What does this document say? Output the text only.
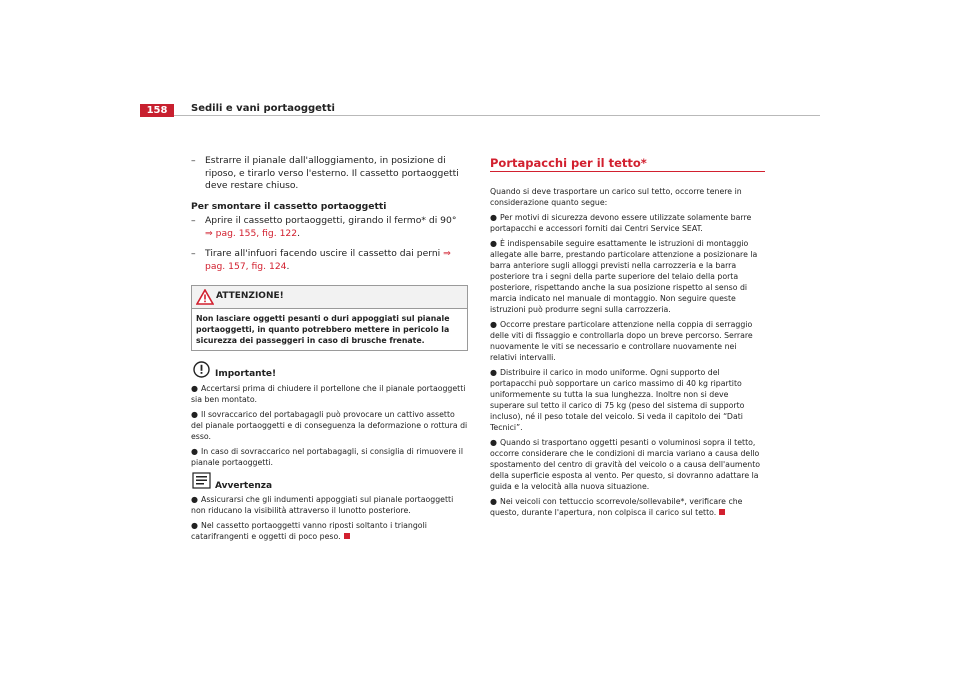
158	Sedili e vani portaoggetti
– Estrarre il pianale dall'alloggiamento, in posizione di riposo, e tirarlo verso l'esterno. Il cassetto portaoggetti deve restare chiuso.
Per smontare il cassetto portaoggetti
– Aprire il cassetto portaoggetti, girando il fermo* di 90°
⇒ pag. 155, fig. 122.
– Tirare all'infuori facendo uscire il cassetto dai perni ⇒ pag. 157, fig. 124.
ATTENZIONE!
Non lasciare oggetti pesanti o duri appoggiati sul pianale portaoggetti, in quanto potrebbero mettere in pericolo la sicurezza dei passeggeri in caso di brusche frenate.
Importante!
● Accertarsi prima di chiudere il portellone che il pianale portaoggetti sia ben montato.
● Il sovraccarico del portabagagli può provocare un cattivo assetto del pianale portaoggetti e di conseguenza la deformazione o rottura di esso.
● In caso di sovraccarico nel portabagagli, si consiglia di rimuovere il pianale portaoggetti.
Avvertenza
● Assicurarsi che gli indumenti appoggiati sul pianale portaoggetti non riducano la visibilità attraverso il lunotto posteriore.
● Nel cassetto portaoggetti vanno riposti soltanto i triangoli catarifrangenti e oggetti di poco peso.
Portapacchi per il tetto*
Quando si deve trasportare un carico sul tetto, occorre tenere in considerazione quanto segue:
● Per motivi di sicurezza devono essere utilizzate solamente barre portapacchi e accessori forniti dai Centri Service SEAT.
● È indispensabile seguire esattamente le istruzioni di montaggio allegate alle barre, prestando particolare attenzione a posizionare la barra anteriore sugli alloggi previsti nella carrozzeria e la barra posteriore tra i segni della parte superiore del telaio della porta posteriore, rispettando anche la sua posizione rispetto al senso di marcia indicato nel manuale di montaggio. Non seguire queste istruzioni può produrre segni sulla carrozzeria.
● Occorre prestare particolare attenzione nella coppia di serraggio delle viti di fissaggio e controllarla dopo un breve percorso. Serrare nuovamente le viti se necessario e controllare nuovamente nei relativi intervalli.
● Distribuire il carico in modo uniforme. Ogni supporto del portapacchi può sopportare un carico massimo di 40 kg ripartito uniformemente su tutta la sua lunghezza. Inoltre non si deve superare sul tetto il carico di 75 kg (peso del sistema di supporto incluso), né il peso totale del veicolo. Si veda il capitolo dei “Dati Tecnici”.
● Quando si trasportano oggetti pesanti o voluminosi sopra il tetto, occorre considerare che le condizioni di marcia variano a causa dello spostamento del centro di gravità del veicolo o a causa dell'aumento della superficie esposta al vento. Per questo, si dovranno adattare la guida e la velocità alla nuova situazione.
● Nei veicoli con tettuccio scorrevole/sollevabile*, verificare che questo, durante l'apertura, non colpisca il carico sul tetto.
